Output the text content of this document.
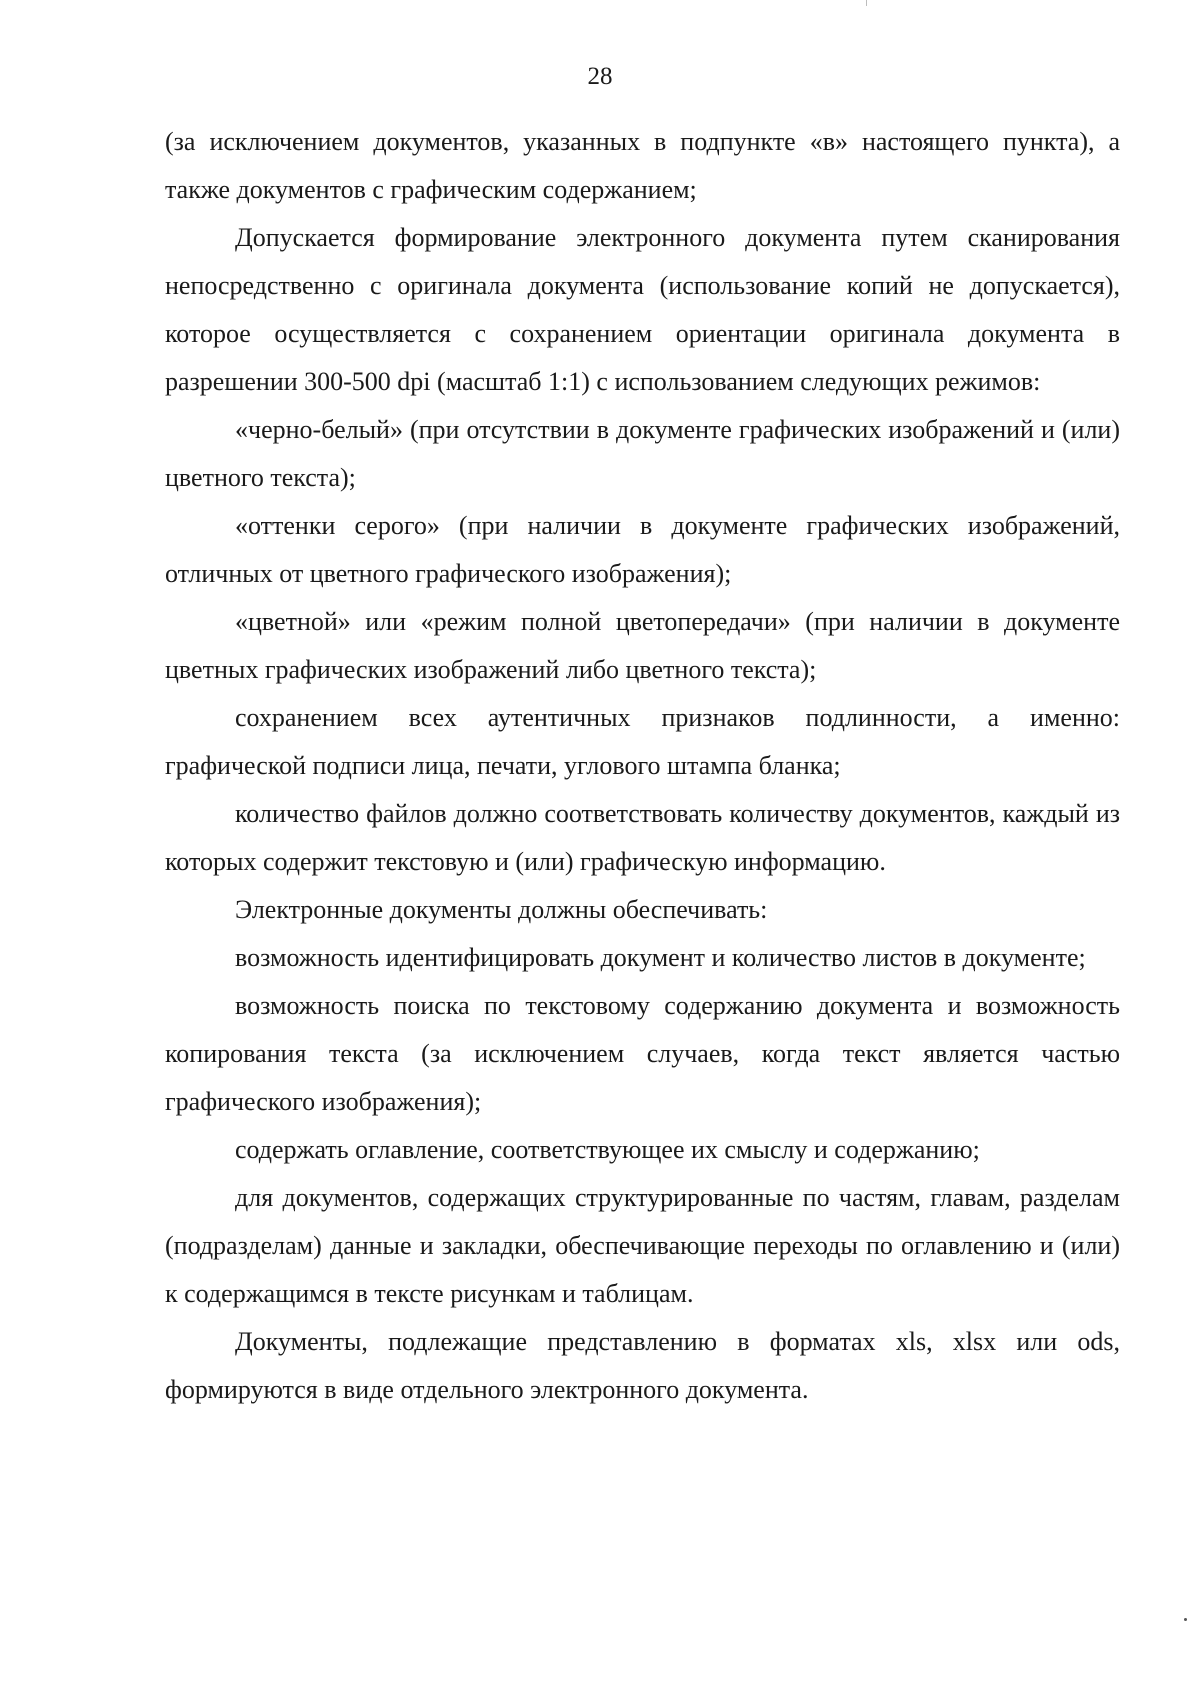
28

(за исключением документов, указанных в подпункте «в» настоящего пункта), а также документов с графическим содержанием;

Допускается формирование электронного документа путем сканирования непосредственно с оригинала документа (использование копий не допускается), которое осуществляется с сохранением ориентации оригинала документа в разрешении 300-500 dpi (масштаб 1:1) с использованием следующих режимов:

«черно-белый» (при отсутствии в документе графических изображений и (или) цветного текста);

«оттенки серого» (при наличии в документе графических изображений, отличных от цветного графического изображения);

«цветной» или «режим полной цветопередачи» (при наличии в документе цветных графических изображений либо цветного текста);

сохранением всех аутентичных признаков подлинности, а именно: графической подписи лица, печати, углового штампа бланка;

количество файлов должно соответствовать количеству документов, каждый из которых содержит текстовую и (или) графическую информацию.

Электронные документы должны обеспечивать:

возможность идентифицировать документ и количество листов в документе;

возможность поиска по текстовому содержанию документа и возможность копирования текста (за исключением случаев, когда текст является частью графического изображения);

содержать оглавление, соответствующее их смыслу и содержанию;

для документов, содержащих структурированные по частям, главам, разделам (подразделам) данные и закладки, обеспечивающие переходы по оглавлению и (или) к содержащимся в тексте рисункам и таблицам.

Документы, подлежащие представлению в форматах xls, xlsx или ods, формируются в виде отдельного электронного документа.
